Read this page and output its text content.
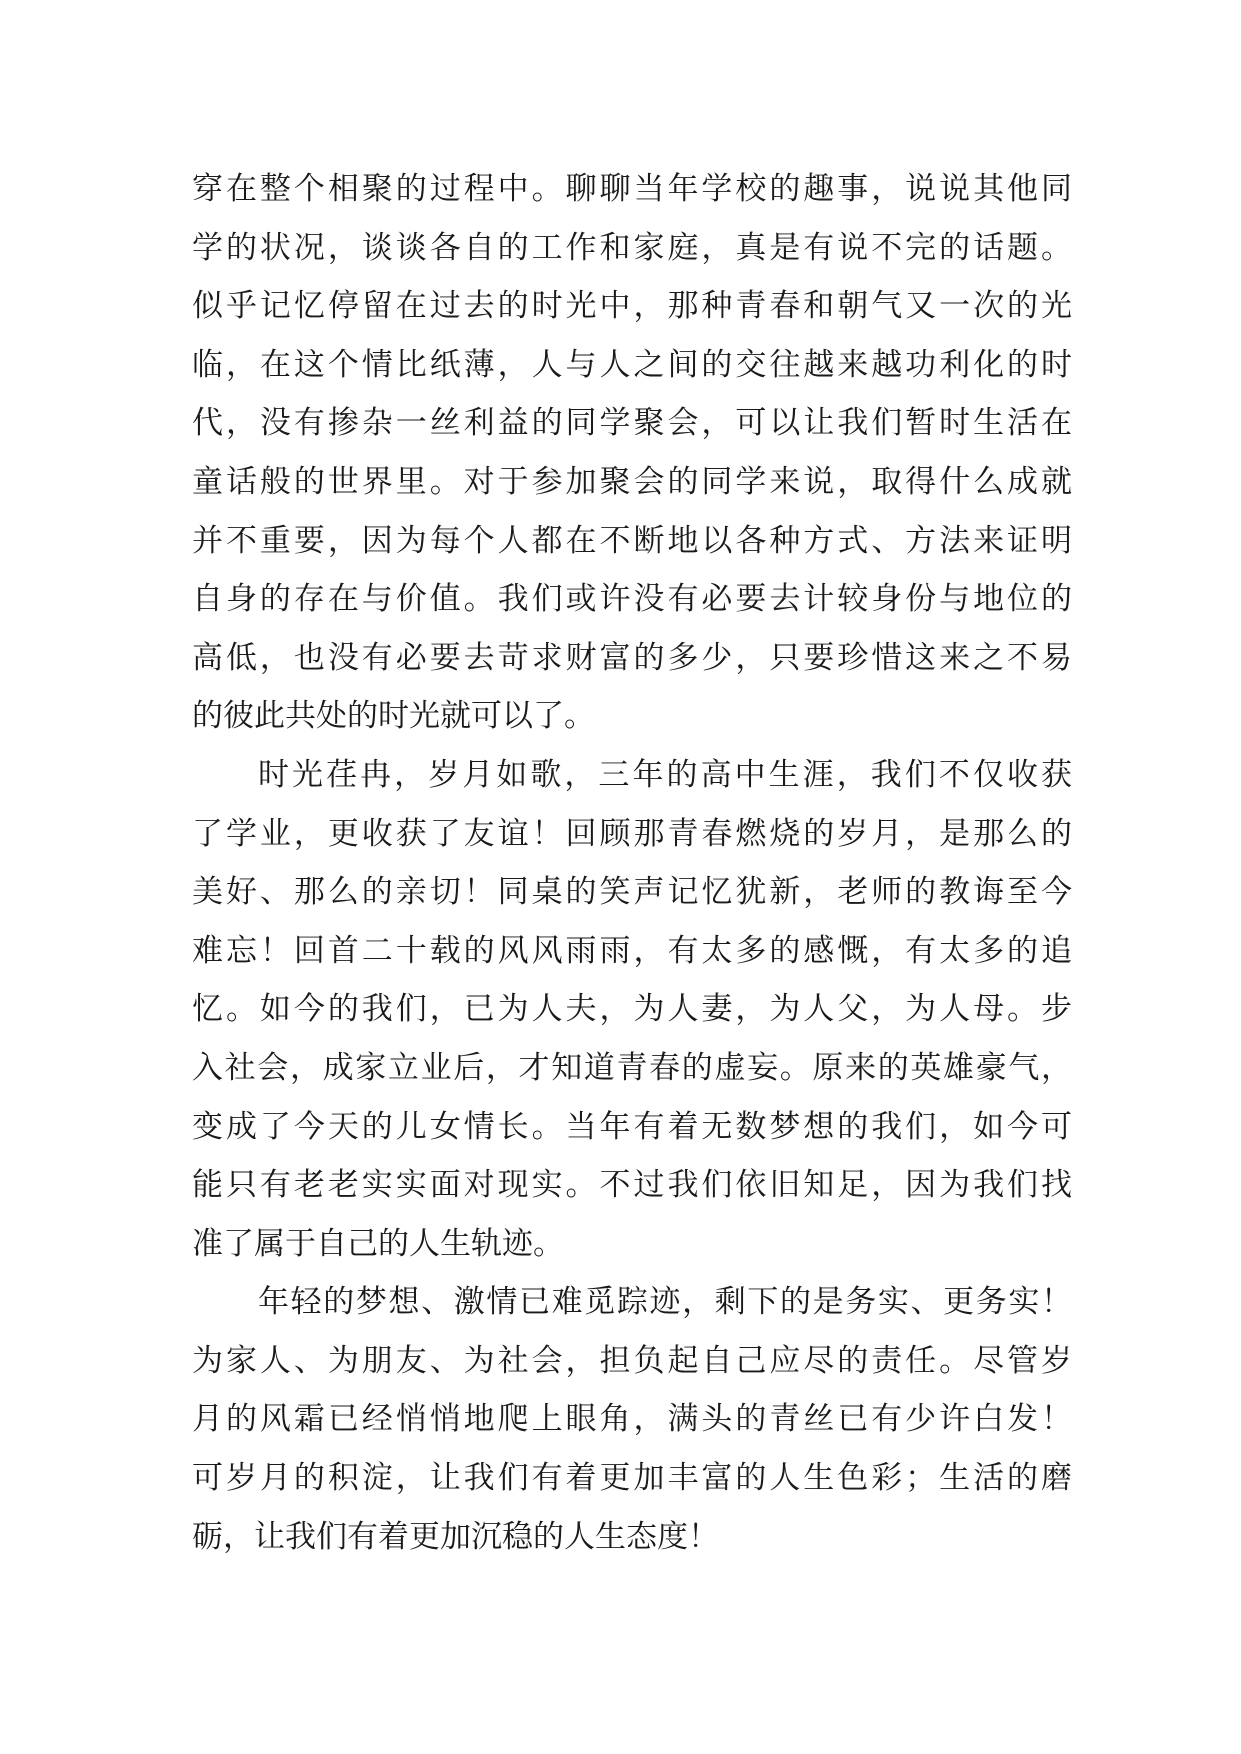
穿在整个相聚的过程中。聊聊当年学校的趣事，说说其他同
学的状况，谈谈各自的工作和家庭，真是有说不完的话题。
似乎记忆停留在过去的时光中，那种青春和朝气又一次的光
临，在这个情比纸薄，人与人之间的交往越来越功利化的时
代，没有掺杂一丝利益的同学聚会，可以让我们暂时生活在
童话般的世界里。对于参加聚会的同学来说，取得什么成就
并不重要，因为每个人都在不断地以各种方式、方法来证明
自身的存在与价值。我们或许没有必要去计较身份与地位的
高低，也没有必要去苛求财富的多少，只要珍惜这来之不易
的彼此共处的时光就可以了。
时光荏冉，岁月如歌，三年的高中生涯，我们不仅收获
了学业，更收获了友谊！回顾那青春燃烧的岁月，是那么的
美好、那么的亲切！同桌的笑声记忆犹新，老师的教诲至今
难忘！回首二十载的风风雨雨，有太多的感慨，有太多的追
忆。如今的我们，已为人夫，为人妻，为人父，为人母。步
入社会，成家立业后，才知道青春的虚妄。原来的英雄豪气，
变成了今天的儿女情长。当年有着无数梦想的我们，如今可
能只有老老实实面对现实。不过我们依旧知足，因为我们找
准了属于自己的人生轨迹。
年轻的梦想、激情已难觅踪迹，剩下的是务实、更务实！
为家人、为朋友、为社会，担负起自己应尽的责任。尽管岁
月的风霜已经悄悄地爬上眼角，满头的青丝已有少许白发！
可岁月的积淀，让我们有着更加丰富的人生色彩；生活的磨
砺，让我们有着更加沉稳的人生态度！
